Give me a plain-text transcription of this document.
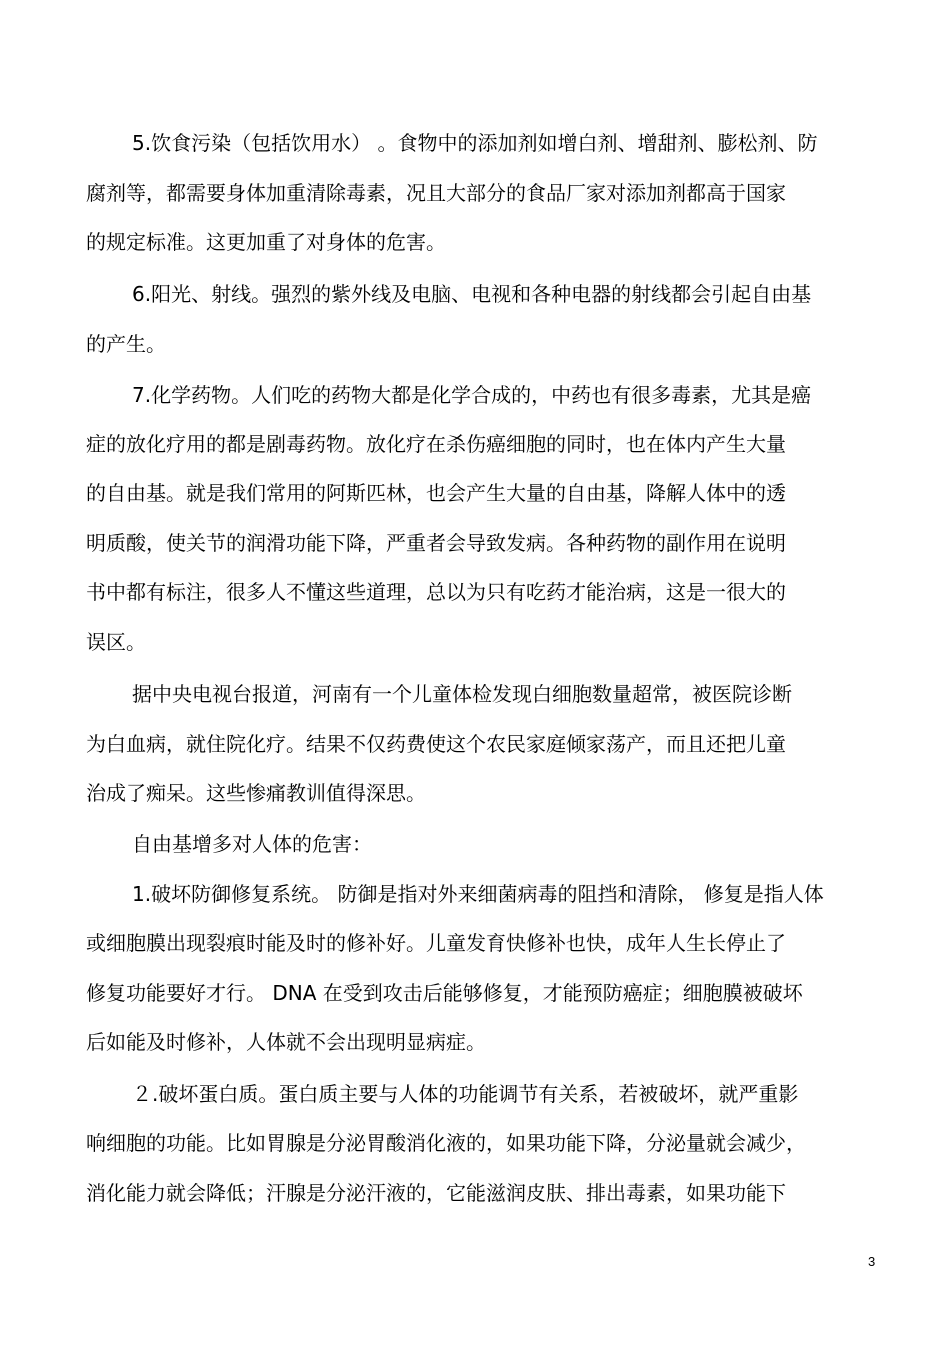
5.饮食污染（包括饮用水） 。食物中的添加剂如增白剂、增甜剂、膨松剂、防
腐剂等，都需要身体加重清除毒素，况且大部分的食品厂家对添加剂都高于国家
的规定标准。这更加重了对身体的危害。
6.阳光、射线。强烈的紫外线及电脑、电视和各种电器的射线都会引起自由基
的产生。
7.化学药物。人们吃的药物大都是化学合成的，中药也有很多毒素，尤其是癌
症的放化疗用的都是剧毒药物。放化疗在杀伤癌细胞的同时，也在体内产生大量
的自由基。就是我们常用的阿斯匹林，也会产生大量的自由基，降解人体中的透
明质酸，使关节的润滑功能下降，严重者会导致发病。各种药物的副作用在说明
书中都有标注，很多人不懂这些道理，总以为只有吃药才能治病，这是一很大的
误区。
据中央电视台报道，河南有一个儿童体检发现白细胞数量超常，被医院诊断
为白血病，就住院化疗。结果不仅药费使这个农民家庭倾家荡产，而且还把儿童
治成了痴呆。这些惨痛教训值得深思。
自由基增多对人体的危害：
1.破坏防御修复系统。 防御是指对外来细菌病毒的阻挡和清除， 修复是指人体
或细胞膜出现裂痕时能及时的修补好。儿童发育快修补也快，成年人生长停止了
修复功能要好才行。 DNA 在受到攻击后能够修复，才能预防癌症；细胞膜被破坏
后如能及时修补，人体就不会出现明显病症。
２.破坏蛋白质。蛋白质主要与人体的功能调节有关系，若被破坏，就严重影
响细胞的功能。比如胃腺是分泌胃酸消化液的，如果功能下降，分泌量就会减少，
消化能力就会降低；汗腺是分泌汗液的，它能滋润皮肤、排出毒素，如果功能下
3
